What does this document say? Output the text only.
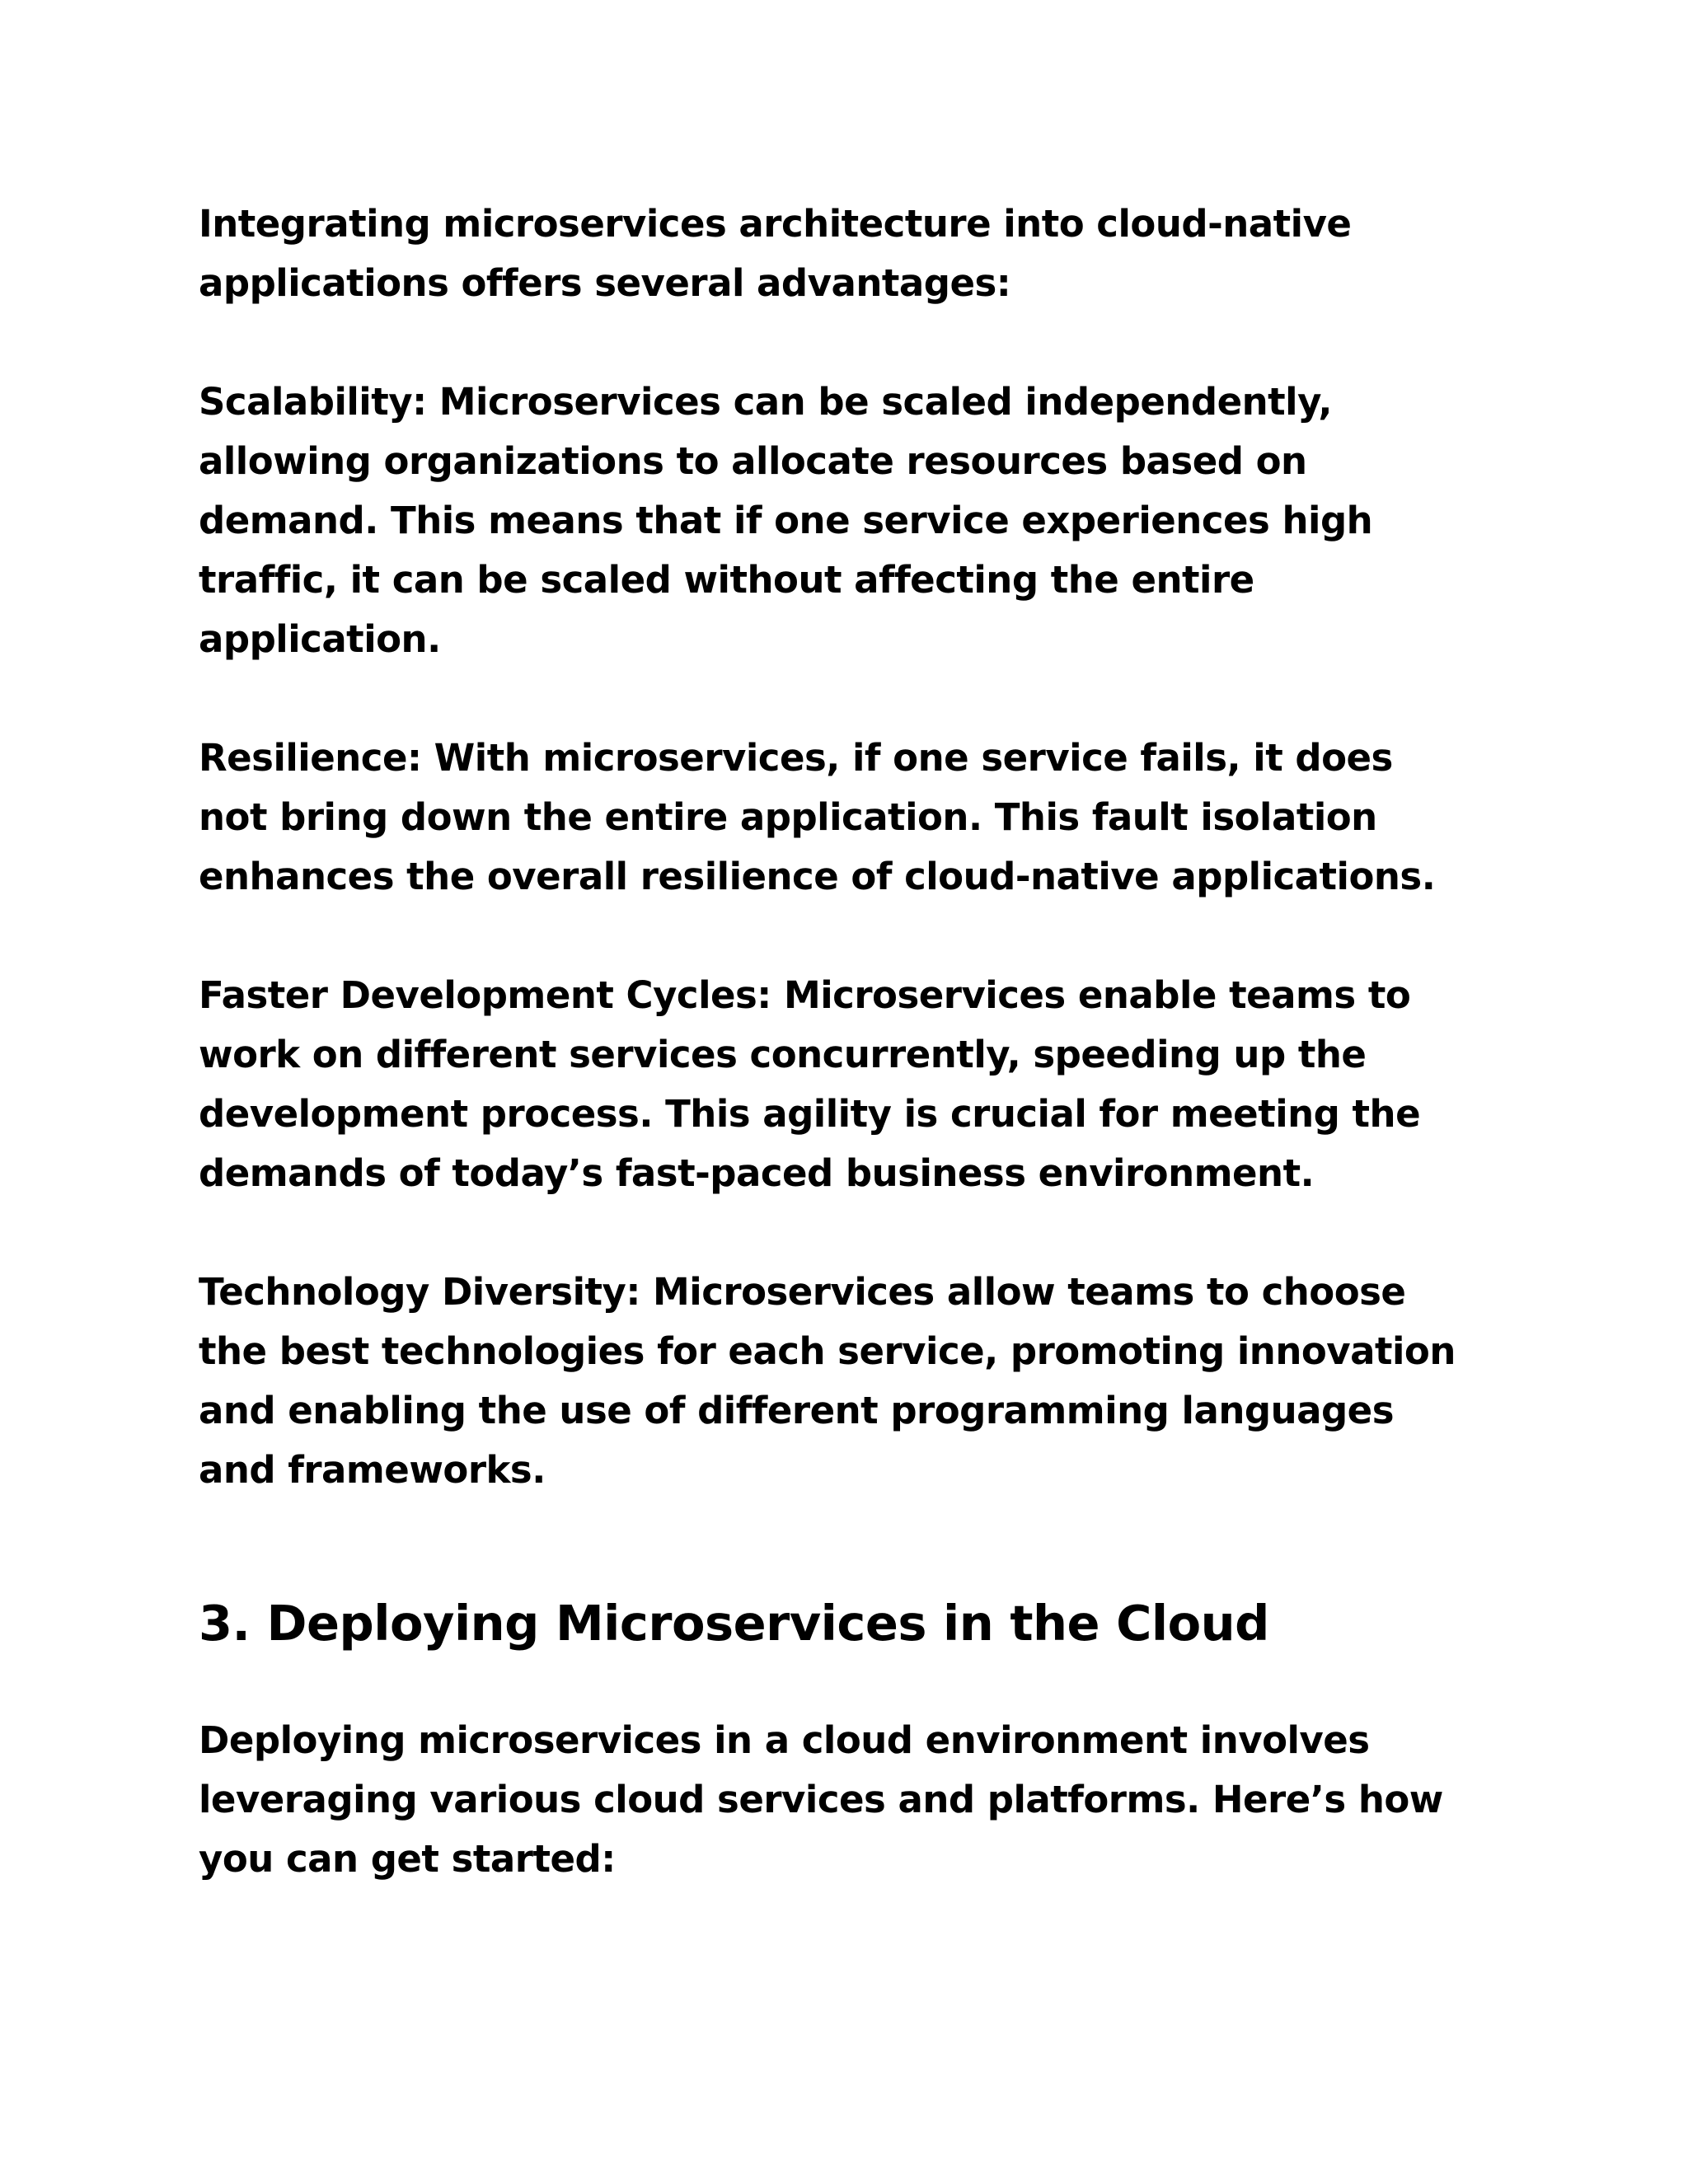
Integrating microservices architecture into cloud-native
applications offers several advantages:

Scalability: Microservices can be scaled independently,
allowing organizations to allocate resources based on
demand. This means that if one service experiences high
traffic, it can be scaled without affecting the entire
application.

Resilience: With microservices, if one service fails, it does
not bring down the entire application. This fault isolation
enhances the overall resilience of cloud-native applications.

Faster Development Cycles: Microservices enable teams to
work on different services concurrently, speeding up the
development process. This agility is crucial for meeting the
demands of today’s fast-paced business environment.

Technology Diversity: Microservices allow teams to choose
the best technologies for each service, promoting innovation
and enabling the use of different programming languages
and frameworks.

3. Deploying Microservices in the Cloud

Deploying microservices in a cloud environment involves
leveraging various cloud services and platforms. Here’s how
you can get started:
